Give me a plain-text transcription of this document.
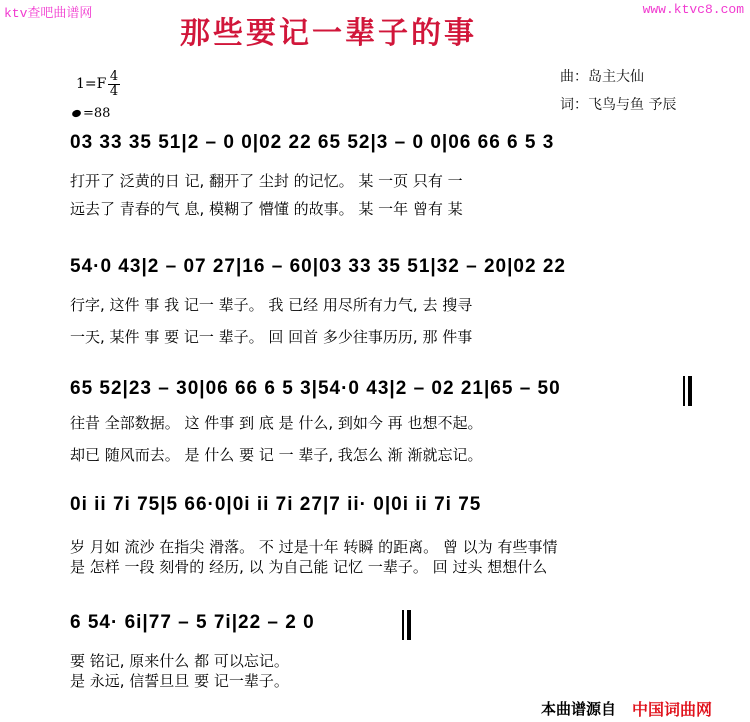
ktv查吧曲谱网	www.ktvc8.com
那些要记一辈子的事
曲：岛主大仙
词：飞鸟与鱼 予辰
1=F 4
4
=88
03 33 35 51|2 – 0 0|02 22 65 52|3 – 0 0|06 66 6 5 3
打开了 泛黄的日 记, 翻开了 尘封 的记忆。 某 一页 只有 一
远去了 青春的气 息, 模糊了 懵懂 的故事。 某 一年 曾有 某
54·0 43|2 – 07 27|16 – 60|03 33 35 51|32 – 20|02 22
行字, 这件 事 我 记一 辈子。 我 已经 用尽所有力气, 去 搜寻
一天, 某件 事 要 记一 辈子。 回 回首 多少往事历历, 那 件事
65 52|23 – 30|06 66 6 5 3|54·0 43|2 – 02 21|65 – 50
往昔 全部数据。 这 件事 到 底 是 什么, 到如今 再 也想不起。
却已 随风而去。 是 什么 要 记 一 辈子, 我怎么 渐 渐就忘记。
0i ii 7i 75|5 66·0|0i ii 7i 27|7 ii· 0|0i ii 7i 75
岁 月如 流沙 在指尖 滑落。 不 过是十年 转瞬 的距离。 曾 以为 有些事情
是 怎样 一段 刻骨的 经历, 以 为自己能 记忆 一辈子。 回 过头 想想什么
6 54· 6i|77 – 5 7i|22 – 2 0
要 铭记, 原来什么 都 可以忘记。
是 永远, 信誓旦旦 要 记一辈子。
本曲谱源自 中国词曲网
